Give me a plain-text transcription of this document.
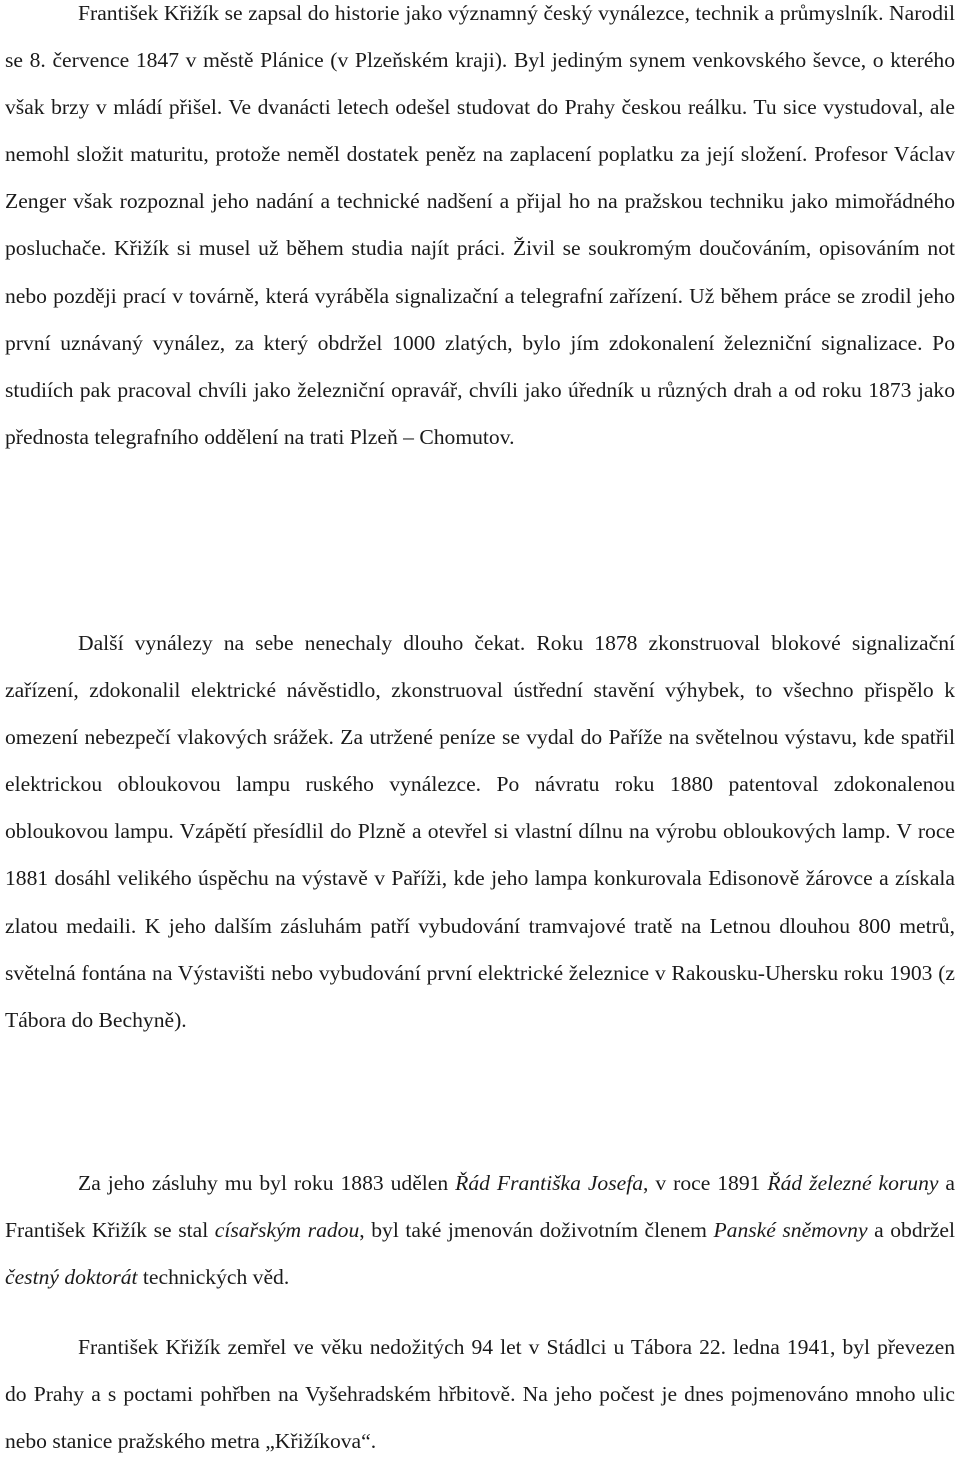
František Křižík se zapsal do historie jako významný český vynálezce, technik a průmyslník. Narodil se 8. července 1847 v městě Plánice (v Plzeňském kraji). Byl jediným synem venkovského ševce, o kterého však brzy v mládí přišel. Ve dvanácti letech odešel studovat do Prahy českou reálku. Tu sice vystudoval, ale nemohl složit maturitu, protože neměl dostatek peněz na zaplacení poplatku za její složení. Profesor Václav Zenger však rozpoznal jeho nadání a technické nadšení a přijal ho na pražskou techniku jako mimořádného posluchače. Křižík si musel už během studia najít práci. Živil se soukromým doučováním, opisováním not nebo později prací v továrně, která vyráběla signalizační a telegrafní zařízení. Už během práce se zrodil jeho první uznávaný vynález, za který obdržel 1000 zlatých, bylo jím zdokonalení železniční signalizace. Po studiích pak pracoval chvíli jako železniční opravář, chvíli jako úředník u různých drah a od roku 1873 jako přednosta telegrafního oddělení na trati Plzeň – Chomutov.

Další vynálezy na sebe nenechaly dlouho čekat. Roku 1878 zkonstruoval blokové signalizační zařízení, zdokonalil elektrické návěstidlo, zkonstruoval ústřední stavění výhybek, to všechno přispělo k omezení nebezpečí vlakových srážek. Za utržené peníze se vydal do Paříže na světelnou výstavu, kde spatřil elektrickou obloukovou lampu ruského vynálezce. Po návratu roku 1880 patentoval zdokonalenou obloukovou lampu. Vzápětí přesídlil do Plzně a otevřel si vlastní dílnu na výrobu obloukových lamp. V roce 1881 dosáhl velikého úspěchu na výstavě v Paříži, kde jeho lampa konkurovala Edisonově žárovce a získala zlatou medaili. K jeho dalším zásluhám patří vybudování tramvajové tratě na Letnou dlouhou 800 metrů, světelná fontána na Výstavišti nebo vybudování první elektrické železnice v Rakousku-Uhersku roku 1903 (z Tábora do Bechyně).

Za jeho zásluhy mu byl roku 1883 udělen Řád Františka Josefa, v roce 1891 Řád železné koruny a František Křižík se stal císařským radou, byl také jmenován doživotním členem Panské sněmovny a obdržel čestný doktorát technických věd.

František Křižík zemřel ve věku nedožitých 94 let v Stádlci u Tábora 22. ledna 1941, byl převezen do Prahy a s poctami pohřben na Vyšehradském hřbitově. Na jeho počest je dnes pojmenováno mnoho ulic nebo stanice pražského metra „Křižíkova“.
